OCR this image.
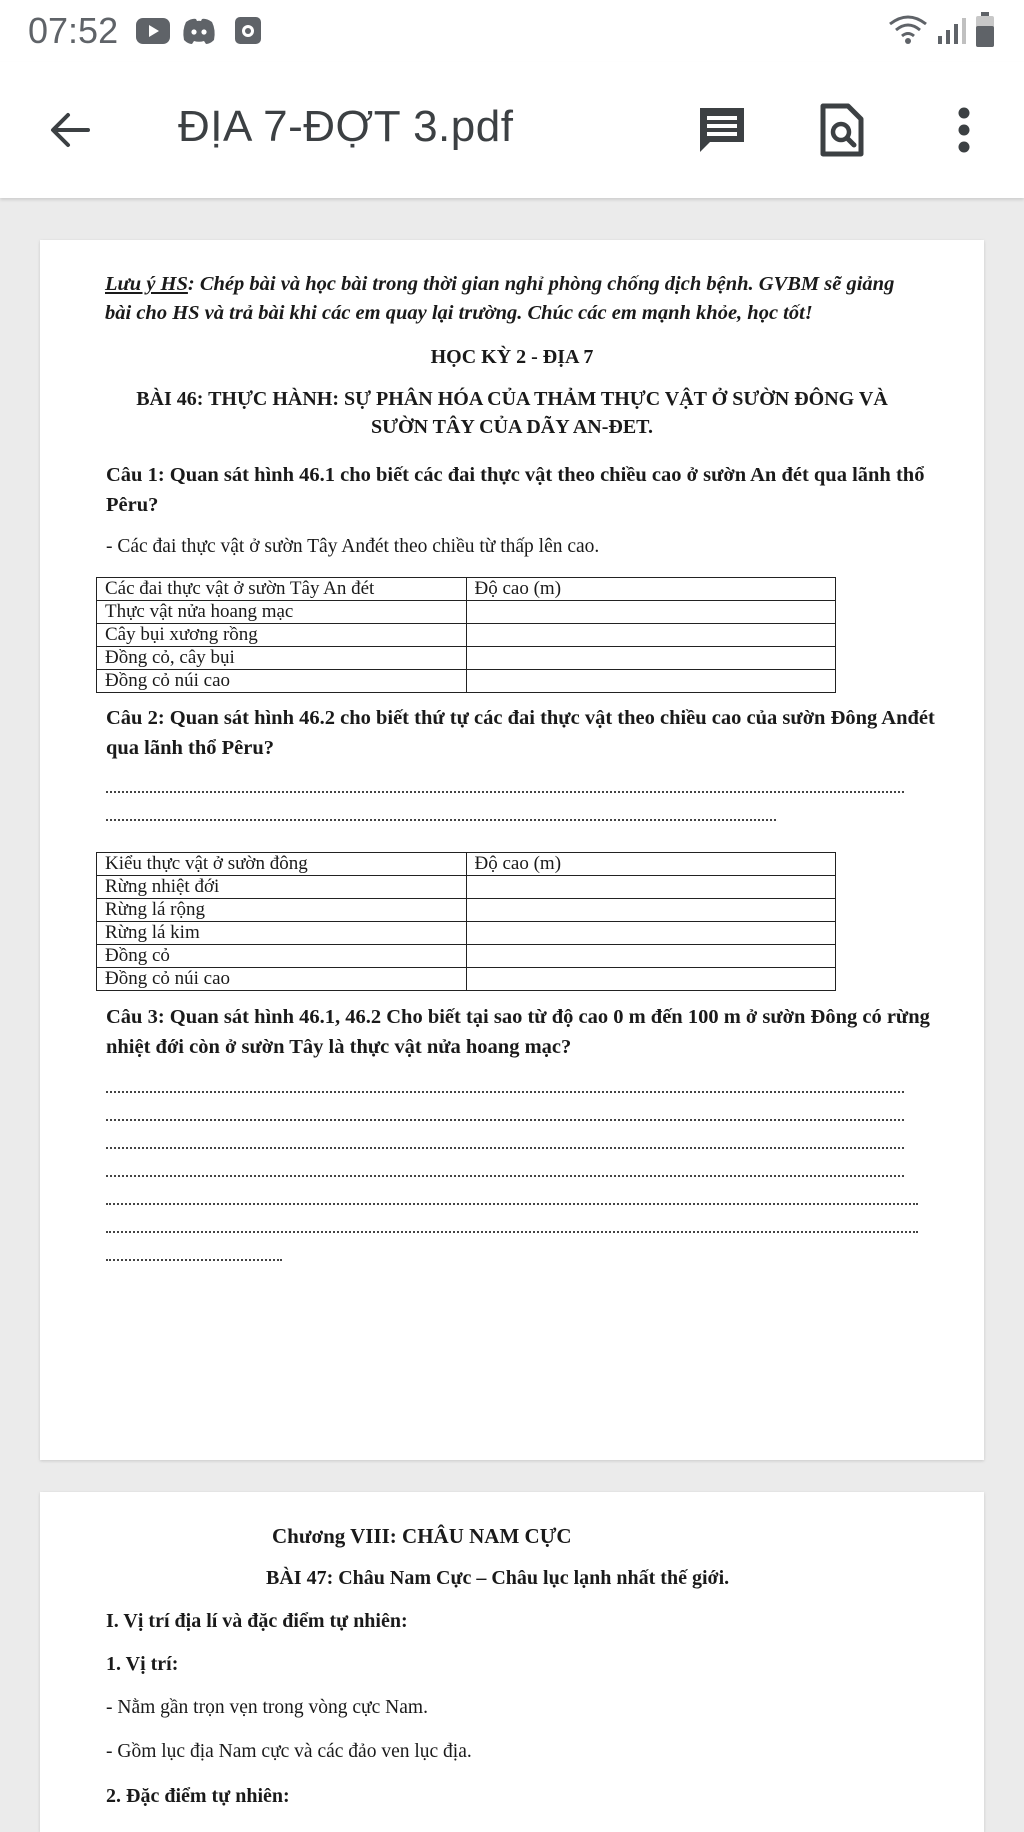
07:52
ĐỊA 7-ĐỢT 3.pdf
Lưu ý HS: Chép bài và học bài trong thời gian nghỉ phòng chống dịch bệnh. GVBM sẽ giảng bài cho HS và trả bài khi các em quay lại trường. Chúc các em mạnh khỏe, học tốt!
HỌC KỲ 2 - ĐỊA 7
BÀI 46: THỰC HÀNH: SỰ PHÂN HÓA CỦA THẢM THỰC VẬT Ở SƯỜN ĐÔNG VÀ
SƯỜN TÂY CỦA DÃY AN-ĐET.
Câu 1: Quan sát hình 46.1 cho biết các đai thực vật theo chiều cao ở sườn An đét qua lãnh thổ Pêru?
- Các đai thực vật ở sườn Tây Anđét theo chiều từ thấp lên cao.
Các đai thực vật ở sườn Tây An đét	Độ cao (m)
Thực vật nửa hoang mạc	
Cây bụi xương rồng	
Đồng cỏ, cây bụi	
Đồng cỏ núi cao	
Câu 2: Quan sát hình 46.2 cho biết thứ tự các đai thực vật theo chiều cao của sườn Đông Anđét qua lãnh thổ Pêru?
Kiểu thực vật ở sườn đông	Độ cao (m)
Rừng nhiệt đới	
Rừng lá rộng	
Rừng lá kim	
Đồng cỏ	
Đồng cỏ núi cao	
Câu 3: Quan sát hình 46.1, 46.2 Cho biết tại sao từ độ cao 0 m đến 100 m ở sườn Đông có rừng nhiệt đới còn ở sườn Tây là thực vật nửa hoang mạc?
Chương VIII: CHÂU NAM CỰC
BÀI 47: Châu Nam Cực – Châu lục lạnh nhất thế giới.
I. Vị trí địa lí và đặc điểm tự nhiên:
1. Vị trí:
- Nằm gần trọn vẹn trong vòng cực Nam.
- Gồm lục địa Nam cực và các đảo ven lục địa.
2. Đặc điểm tự nhiên:
